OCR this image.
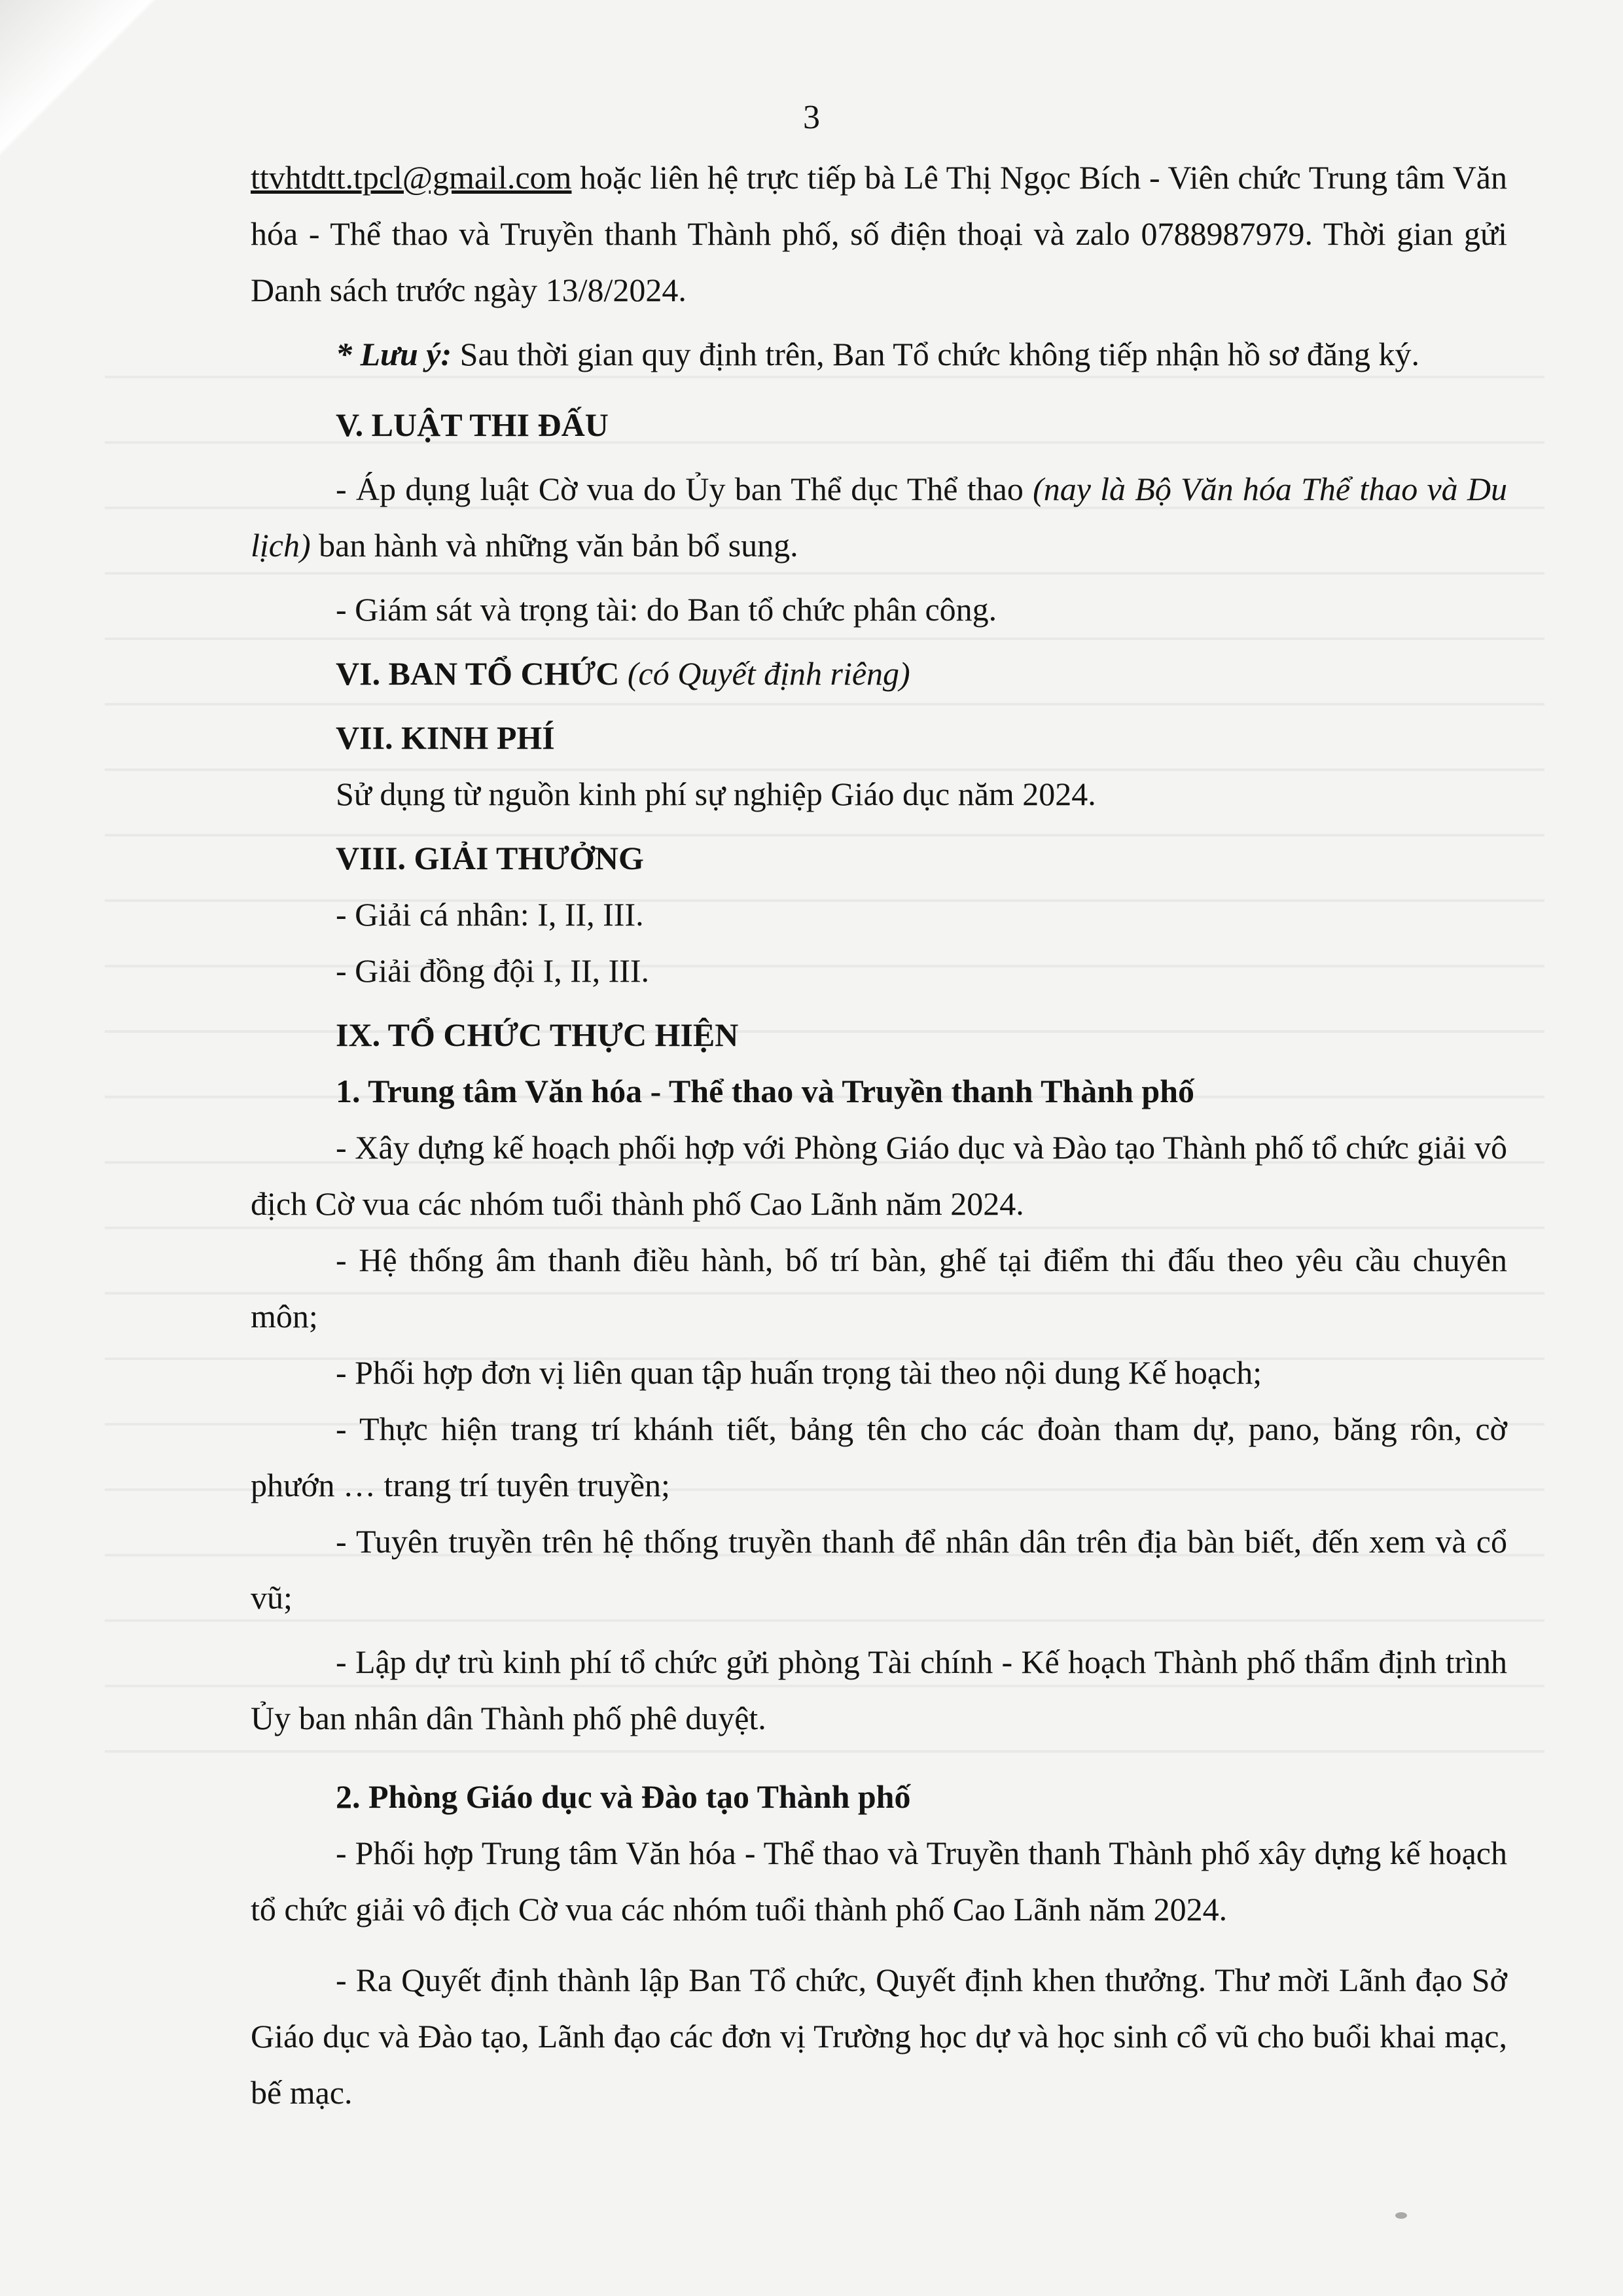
3

ttvhtdtt.tpcl@gmail.com hoặc liên hệ trực tiếp bà Lê Thị Ngọc Bích - Viên chức Trung tâm Văn hóa - Thể thao và Truyền thanh Thành phố, số điện thoại và zalo 0788987979. Thời gian gửi Danh sách trước ngày 13/8/2024.

* Lưu ý: Sau thời gian quy định trên, Ban Tổ chức không tiếp nhận hồ sơ đăng ký.

V. LUẬT THI ĐẤU

- Áp dụng luật Cờ vua do Ủy ban Thể dục Thể thao (nay là Bộ Văn hóa Thể thao và Du lịch) ban hành và những văn bản bổ sung.

- Giám sát và trọng tài: do Ban tổ chức phân công.

VI. BAN TỔ CHỨC (có Quyết định riêng)

VII. KINH PHÍ

Sử dụng từ nguồn kinh phí sự nghiệp Giáo dục năm 2024.

VIII. GIẢI THƯỞNG

- Giải cá nhân: I, II, III.

- Giải đồng đội I, II, III.

IX. TỔ CHỨC THỰC HIỆN

1. Trung tâm Văn hóa - Thể thao và Truyền thanh Thành phố

- Xây dựng kế hoạch phối hợp với Phòng Giáo dục và Đào tạo Thành phố tổ chức giải vô địch Cờ vua các nhóm tuổi thành phố Cao Lãnh năm 2024.

- Hệ thống âm thanh điều hành, bố trí bàn, ghế tại điểm thi đấu theo yêu cầu chuyên môn;

- Phối hợp đơn vị liên quan tập huấn trọng tài theo nội dung Kế hoạch;

- Thực hiện trang trí khánh tiết, bảng tên cho các đoàn tham dự, pano, băng rôn, cờ phướn … trang trí tuyên truyền;

- Tuyên truyền trên hệ thống truyền thanh để nhân dân trên địa bàn biết, đến xem và cổ vũ;

- Lập dự trù kinh phí tổ chức gửi phòng Tài chính - Kế hoạch Thành phố thẩm định trình Ủy ban nhân dân Thành phố phê duyệt.

2. Phòng Giáo dục và Đào tạo Thành phố

- Phối hợp Trung tâm Văn hóa - Thể thao và Truyền thanh Thành phố xây dựng kế hoạch tổ chức giải vô địch Cờ vua các nhóm tuổi thành phố Cao Lãnh năm 2024.

- Ra Quyết định thành lập Ban Tổ chức, Quyết định khen thưởng. Thư mời Lãnh đạo Sở Giáo dục và Đào tạo, Lãnh đạo các đơn vị Trường học dự và học sinh cổ vũ cho buổi khai mạc, bế mạc.
